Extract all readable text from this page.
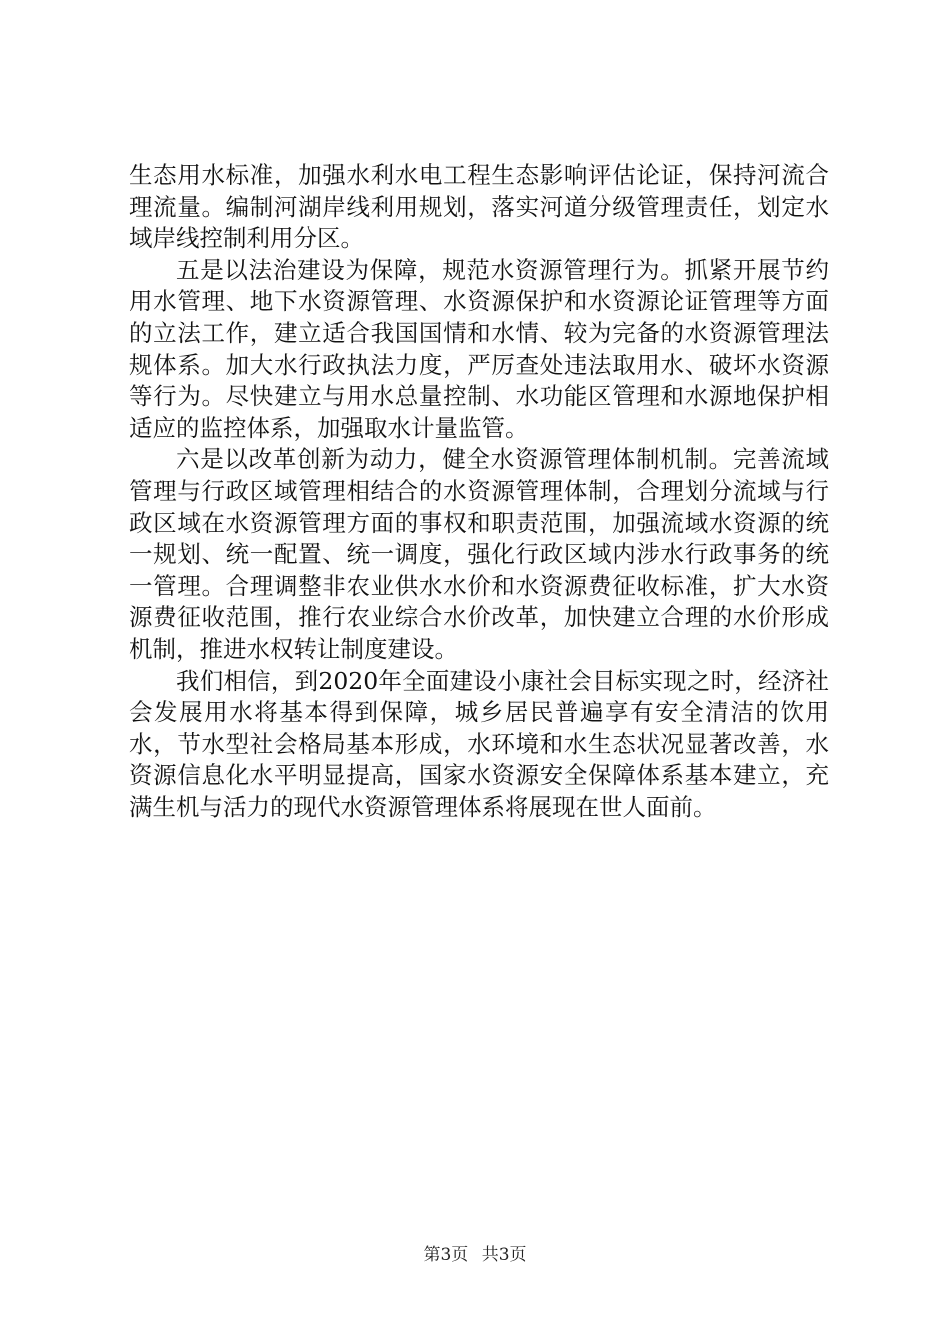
生态用水标准，加强水利水电工程生态影响评估论证，保持河流合理流量。编制河湖岸线利用规划，落实河道分级管理责任，划定水域岸线控制利用分区。

五是以法治建设为保障，规范水资源管理行为。抓紧开展节约用水管理、地下水资源管理、水资源保护和水资源论证管理等方面的立法工作，建立适合我国国情和水情、较为完备的水资源管理法规体系。加大水行政执法力度，严厉查处违法取用水、破坏水资源等行为。尽快建立与用水总量控制、水功能区管理和水源地保护相适应的监控体系，加强取水计量监管。

六是以改革创新为动力，健全水资源管理体制机制。完善流域管理与行政区域管理相结合的水资源管理体制，合理划分流域与行政区域在水资源管理方面的事权和职责范围，加强流域水资源的统一规划、统一配置、统一调度，强化行政区域内涉水行政事务的统一管理。合理调整非农业供水水价和水资源费征收标准，扩大水资源费征收范围，推行农业综合水价改革，加快建立合理的水价形成机制，推进水权转让制度建设。

我们相信，到2020年全面建设小康社会目标实现之时，经济社会发展用水将基本得到保障，城乡居民普遍享有安全清洁的饮用水，节水型社会格局基本形成，水环境和水生态状况显著改善，水资源信息化水平明显提高，国家水资源安全保障体系基本建立，充满生机与活力的现代水资源管理体系将展现在世人面前。

第3页 共3页
